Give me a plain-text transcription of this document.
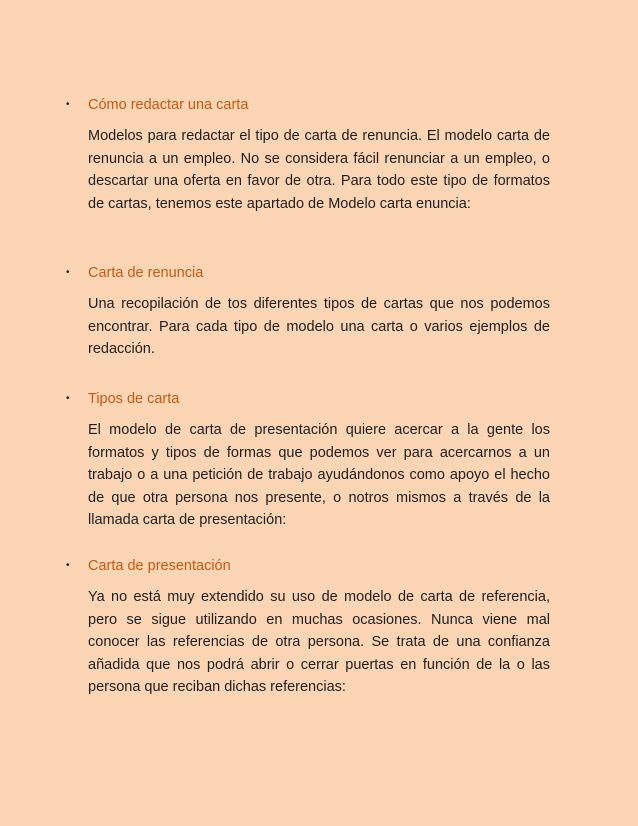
•	Cómo redactar una carta
Modelos para redactar el tipo de carta de renuncia. El modelo carta de renuncia a un empleo. No se considera fácil renunciar a un empleo, o descartar una oferta en favor de otra. Para todo este tipo de formatos de cartas, tenemos este apartado de Modelo carta enuncia:
•	Carta de renuncia
Una recopilación de tos diferentes tipos de cartas que nos podemos encontrar. Para cada tipo de modelo una carta o varios ejemplos de redacción.
•	Tipos de carta
El modelo de carta de presentación quiere acercar a la gente los formatos y tipos de formas que podemos ver para acercarnos a un trabajo o a una petición de trabajo ayudándonos como apoyo el hecho de que otra persona nos presente, o notros mismos a través de la llamada carta de presentación:
•	Carta de presentación
Ya no está muy extendido su uso de modelo de carta de referencia, pero se sigue utilizando en muchas ocasiones. Nunca viene mal conocer las referencias de otra persona. Se trata de una confianza añadida que nos podrá abrir o cerrar puertas en función de la o las persona que reciban dichas referencias:
